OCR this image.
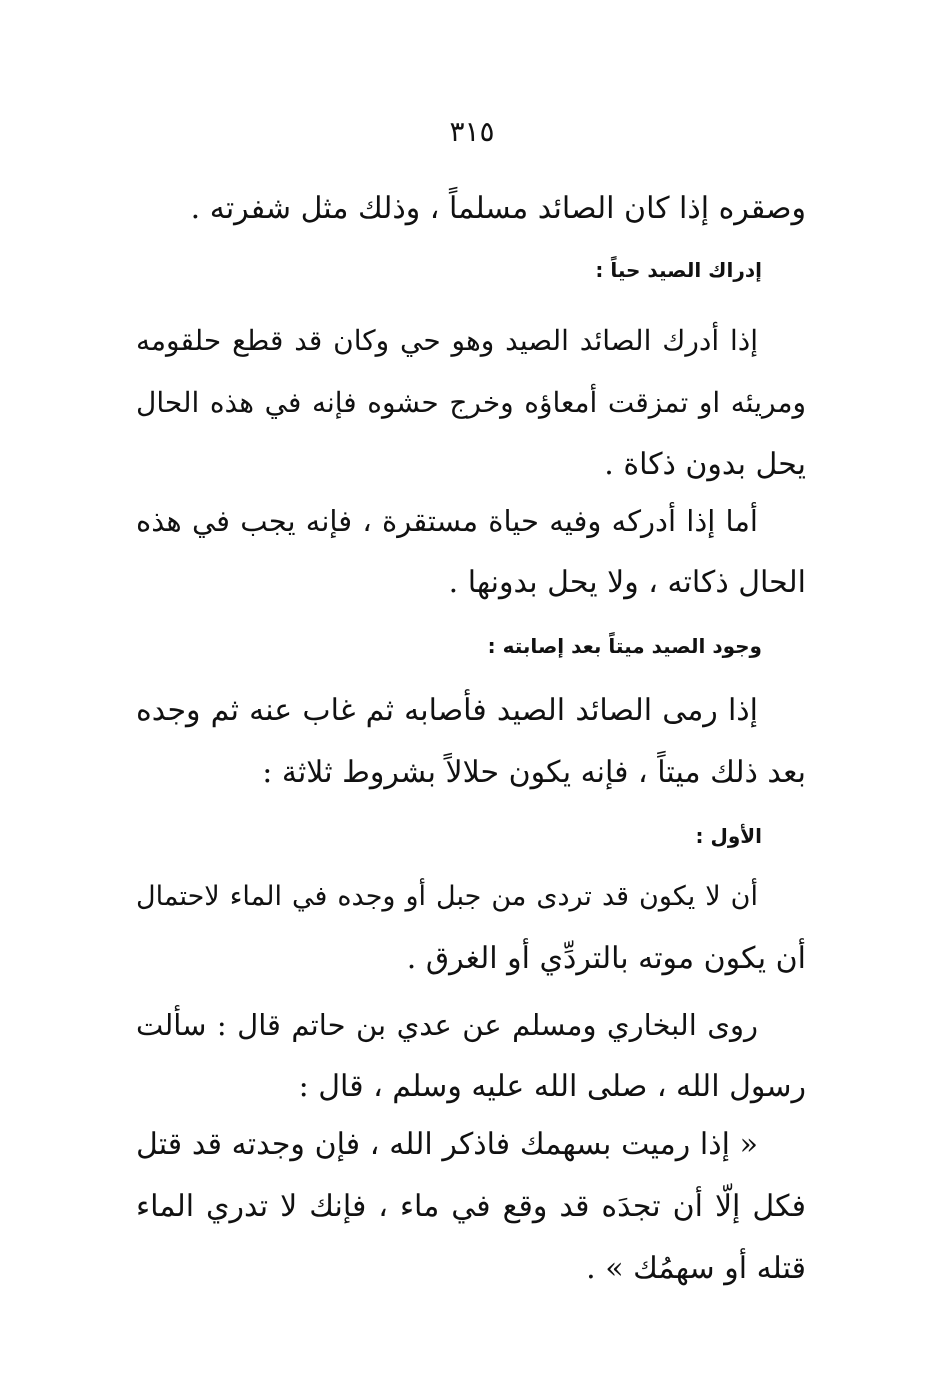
٣١٥
وصقره إذا كان الصائد مسلماً ، وذلك مثل شفرته .
إدراك الصيد حياً :
إذا أدرك الصائد الصيد وهو حي وكان قد قطع حلقومه
ومريئه او تمزقت أمعاؤه وخرج حشوه فإنه في هذه الحال
يحل بدون ذكاة .
أما إذا أدركه وفيه حياة مستقرة ، فإنه يجب في هذه
الحال ذكاته ، ولا يحل بدونها .
وجود الصيد ميتاً بعد إصابته :
إذا رمى الصائد الصيد فأصابه ثم غاب عنه ثم وجده
بعد ذلك ميتاً ، فإنه يكون حلالاً بشروط ثلاثة :
الأول :
أن لا يكون قد تردى من جبل أو وجده في الماء لاحتمال
أن يكون موته بالتردِّي أو الغرق .
روى البخاري ومسلم عن عدي بن حاتم قال : سألت
رسول الله ، صلى الله عليه وسلم ، قال :
« إذا رميت بسهمك فاذكر الله ، فإن وجدته قد قتل
فكل إلّا أن تجدَه قد وقع في ماء ، فإنك لا تدري الماء
قتله أو سهمُك » .
